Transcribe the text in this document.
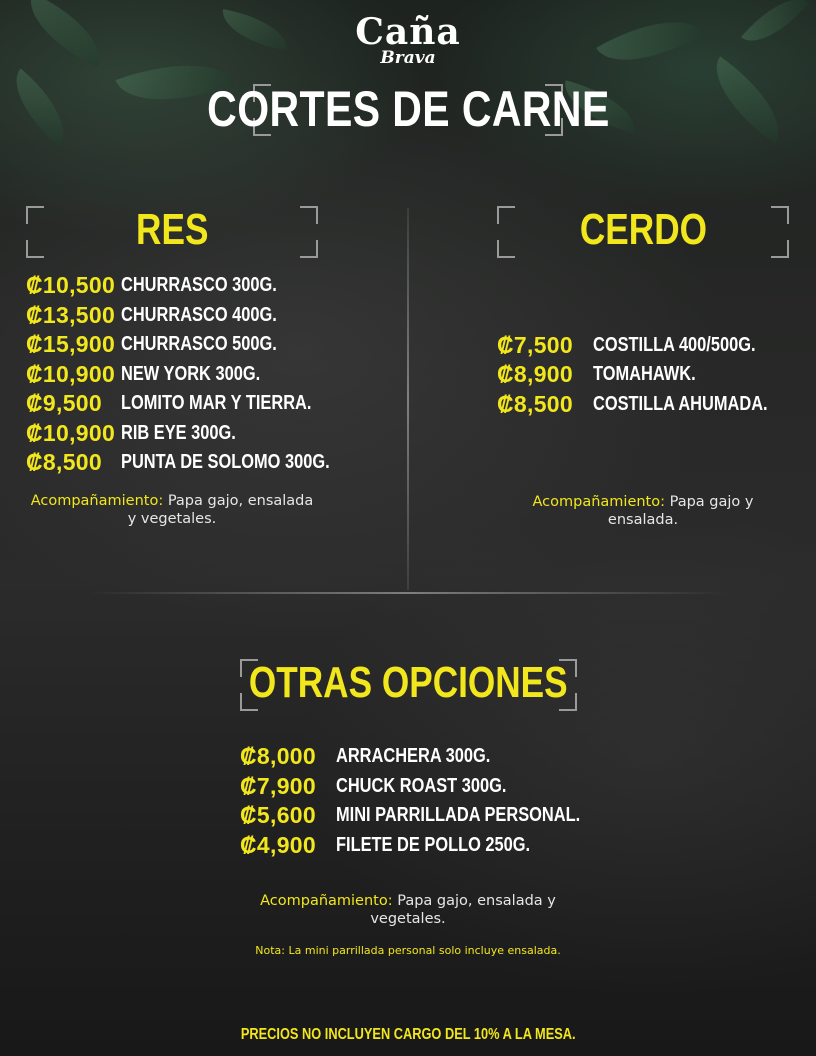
Caña
Brava
CORTES DE CARNE
RES
₡10,500 CHURRASCO 300G.
₡13,500 CHURRASCO 400G.
₡15,900 CHURRASCO 500G.
₡10,900 NEW YORK 300G.
₡9,500 LOMITO MAR Y TIERRA.
₡10,900 RIB EYE 300G.
₡8,500 PUNTA DE SOLOMO 300G.
Acompañamiento: Papa gajo, ensalada y vegetales.
CERDO
₡7,500 COSTILLA 400/500G.
₡8,900 TOMAHAWK.
₡8,500 COSTILLA AHUMADA.
Acompañamiento: Papa gajo y ensalada.
OTRAS OPCIONES
₡8,000 ARRACHERA 300G.
₡7,900 CHUCK ROAST 300G.
₡5,600 MINI PARRILLADA PERSONAL.
₡4,900 FILETE DE POLLO 250G.
Acompañamiento: Papa gajo, ensalada y vegetales.
Nota: La mini parrillada personal solo incluye ensalada.
PRECIOS NO INCLUYEN CARGO DEL 10% A LA MESA.
